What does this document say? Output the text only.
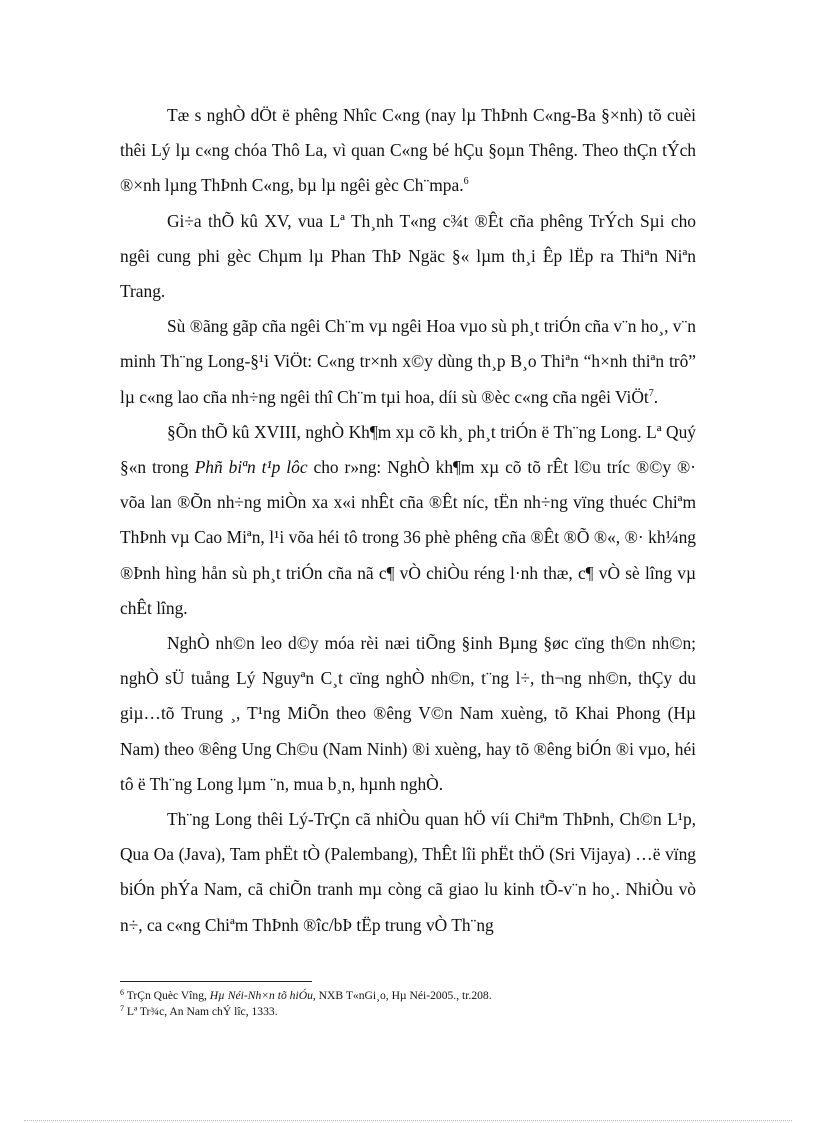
Tæ s nghÒ dÖt ë phêng Nhîc C«ng (nay lµ ThÞnh C«ng-Ba §×nh) tõ cuèi thêi Lý lµ c«ng chóa Thô La, vì quan C«ng bé hÇu §oµn Thêng. Theo thÇn tÝch ®×nh lµng ThÞnh C«ng, bµ lµ ngêi gèc Ch¨mpa.$^6$

Gi÷a thÕ kû XV, vua Lª Th¸nh T«ng c¾t ®Êt cña phêng TrÝch Sµi cho ngêi cung phi gèc Chµm lµ Phan ThÞ Ngäc §« lµm th¸i Êp lËp ra Thiªn Niªn Trang.

Sù ®ãng gãp cña ngêi Ch¨m vµ ngêi Hoa vµo sù ph¸t triÓn cña v¨n ho¸, v¨n minh Th¨ng Long-§¹i ViÖt: C«ng tr×nh x©y dùng th¸p B¸o Thiªn “h×nh thiªn trô” lµ c«ng lao cña nh÷ng ngêi thî Ch¨m tµi hoa, díi sù ®èc c«ng cña ngêi ViÖt$^7$.

§Õn thÕ kû XVIII, nghÒ Kh¶m xµ cõ kh¸ ph¸t triÓn ë Th¨ng Long. Lª Quý §«n trong Phñ biªn t¹p lôc cho r»ng: NghÒ kh¶m xµ cõ tõ rÊt l©u tríc ®©y ®· võa lan ®Õn nh÷ng miÒn xa x«i nhÊt cña ®Êt níc, tËn nh÷ng vïng thuéc Chiªm ThÞnh vµ Cao Miªn, l¹i võa héi tô trong 36 phè phêng cña ®Êt ®Õ ®«, ®· kh¼ng ®Þnh hìng hån sù ph¸t triÓn cña nã c¶ vÒ chiÒu réng l·nh thæ, c¶ vÒ sè lîng vµ chÊt lîng.

NghÒ nh©n leo d©y móa rèi næi tiÕng §inh Bµng §øc cïng th©n nh©n; nghÒ sÜ tuång Lý Nguyªn C¸t cïng nghÒ nh©n, t¨ng l÷, th¬ng nh©n, thÇy du giµ…tõ Trung ¸, T¹ng MiÕn theo ®êng V©n Nam xuèng, tõ Khai Phong (Hµ Nam) theo ®êng Ung Ch©u (Nam Ninh) ®i xuèng, hay tõ ®êng biÓn ®i vµo, héi tô ë Th¨ng Long lµm ¨n, mua b¸n, hµnh nghÒ.

Th¨ng Long thêi Lý-TrÇn cã nhiÒu quan hÖ víi Chiªm ThÞnh, Ch©n L¹p, Qua Oa (Java), Tam phËt tÒ (Palembang), ThÊt lîi phËt thÖ (Sri Vijaya) …ë vïng biÓn phÝa Nam, cã chiÕn tranh mµ còng cã giao lu kinh tÕ-v¨n ho¸. NhiÒu vò n÷, ca c«ng Chiªm ThÞnh ®îc/bÞ tËp trung vÒ Th¨ng

$^6$ TrÇn Quèc Vîng, Hµ Néi-Nh×n tõ hiÓu, NXB T«nGi¸o, Hµ Néi-2005., tr.208.

$^7$ Lª Tr¾c, An Nam chÝ lîc, 1333.
